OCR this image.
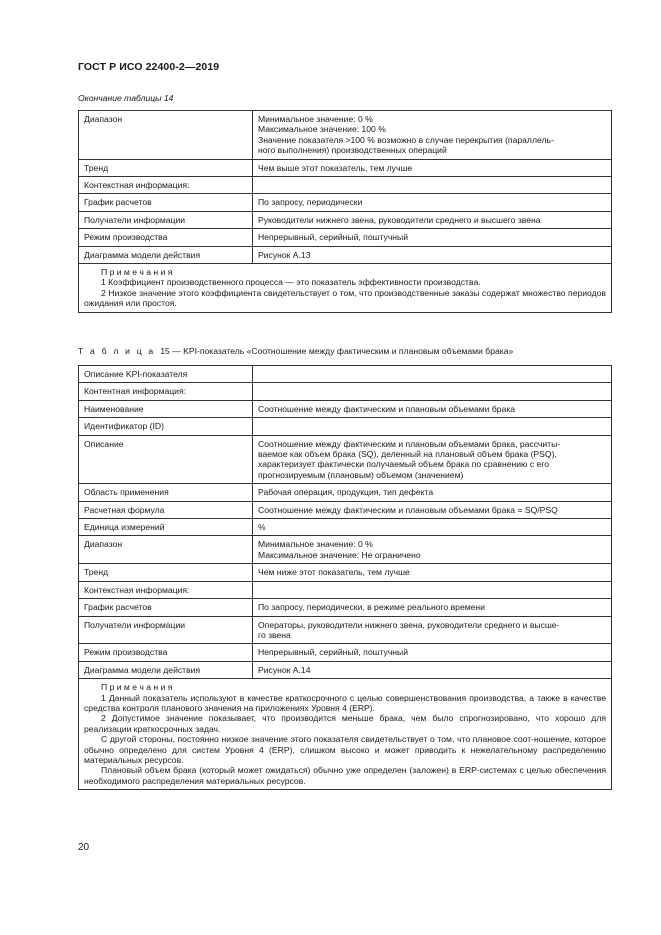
ГОСТ Р ИСО 22400-2—2019
Окончание таблицы 14
Диапазон	Минимальное значение: 0 %
Максимальное значение: 100 %
Значение показателя >100 % возможно в случае перекрытия (параллель-
ного выполнения) производственных операций

Тренд	Чем выше этот показатель, тем лучше

Контекстная информация:	

График расчетов	По запросу, периодически

Получатели информации	Руководители нижнего звена, руководители среднего и высшего звена

Режим производства	Непрерывный, серийный, поштучный

Диаграмма модели действия	Рисунок А.13

П р и м е ч а н и я
1 Коэффициент производственного процесса — это показатель эффективности производства.
2 Низкое значение этого коэффициента свидетельствует о том, что производственные заказы содержат множество периодов ожидания или простоя.	
Т а б л и ц а 15 — KPI-показатель «Соотношение между фактическим и плановым объемами брака»
Описание KPI-показателя	

Контентная информация:	

Наименование	Соотношение между фактическим и плановым объемами брака

Идентификатор (ID)	

Описание	Соотношение между фактическим и плановым объемами брака, рассчиты-
ваемое как объем брака (SQ), деленный на плановый объем брака (PSQ),
характеризует фактически получаемый объем брака по сравнению с его
прогнозируемым (плановым) объемом (значением)

Область применения	Рабочая операция, продукция, тип дефекта

Расчетная формула	Соотношение между фактическим и плановым объемами брака = SQ/PSQ

Единица измерений	%

Диапазон	Минимальное значение: 0 %
Максимальное значение: Не ограничено

Тренд	Чем ниже этот показатель, тем лучше

Контекстная информация:	

График расчетов	По запросу, периодически, в режиме реального времени

Получатели информации	Операторы, руководители нижнего звена, руководители среднего и высше-
го звена

Режим производства	Непрерывный, серийный, поштучный

Диаграмма модели действия	Рисунок А.14

П р и м е ч а н и я
1 Данный показатель используют в качестве краткосрочного с целью совершенствования производства, а также в качестве средства контроля планового значения на приложениях Уровня 4 (ERP).
2 Допустимое значение показывает, что производится меньше брака, чем было спрогнозировано, что хорошо для реализации краткосрочных задач.
С другой стороны, постоянно низкое значение этого показателя свидетельствует о том, что плановое соот-ношение, которое обычно определено для систем Уровня 4 (ERP), слишком высоко и может приводить к нежелательному распределению материальных ресурсов.
Плановый объем брака (который может ожидаться) обычно уже определен (заложен) в ERP-системах с целью обеспечения необходимого распределения материальных ресурсов.	
20
